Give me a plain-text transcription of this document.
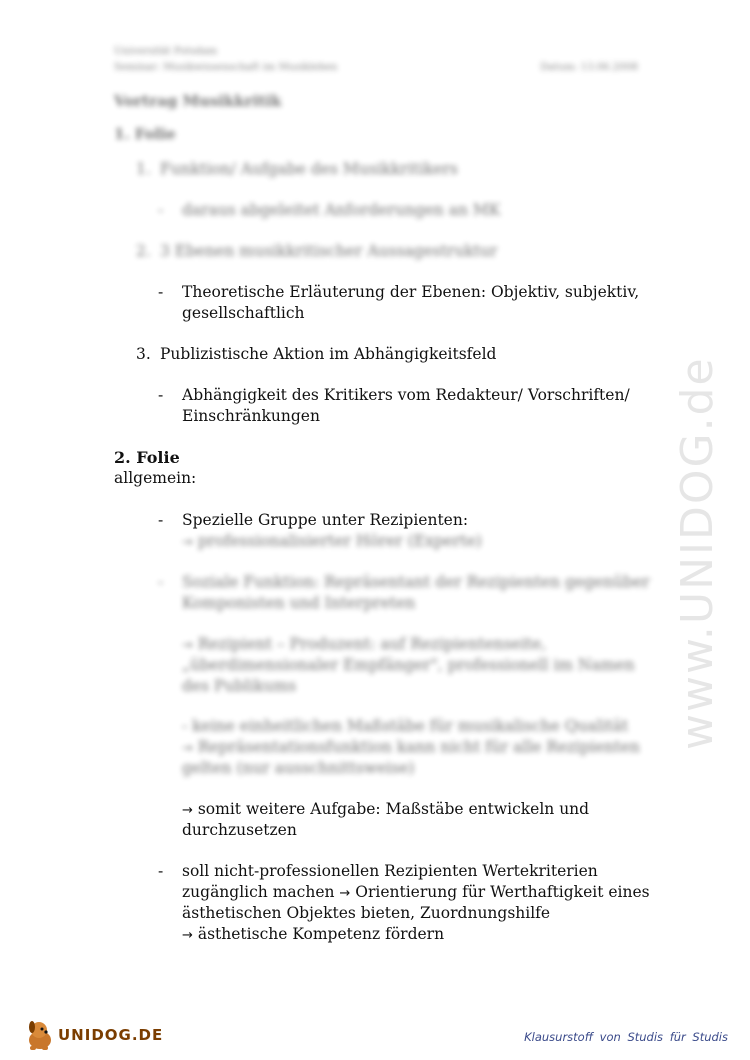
www.UNIDOG.de
Universität Potsdam
Seminar: Musikwissenschaft im Musikleben	Datum: 13.06.2008
Vortrag Musikkritik
1. Folie
1. Funktion/ Aufgabe des Musikkritikers
- daraus abgeleitet Anforderungen an MK
2. 3 Ebenen musikkritischer Aussagestruktur
- Theoretische Erläuterung der Ebenen: Objektiv, subjektiv,
gesellschaftlich
3. Publizistische Aktion im Abhängigkeitsfeld
- Abhängigkeit des Kritikers vom Redakteur/ Vorschriften/
Einschränkungen
2. Folie
allgemein:
- Spezielle Gruppe unter Rezipienten:
→ professionalisierter Hörer (Experte)
- Soziale Funktion: Repräsentant der Rezipienten gegenüber
Komponisten und Interpreten
→ Rezipient – Produzent: auf Rezipientenseite,
„überdimensionaler Empfänger", professionell im Namen
des Publikums
- keine einheitlichen Maßstäbe für musikalische Qualität
→ Repräsentationsfunktion kann nicht für alle Rezipienten
gelten (nur ausschnittsweise)
→ somit weitere Aufgabe: Maßstäbe entwickeln und
durchzusetzen
- soll nicht-professionellen Rezipienten Wertekriterien
zugänglich machen → Orientierung für Werthaftigkeit eines
ästhetischen Objektes bieten, Zuordnungshilfe
→ ästhetische Kompetenz fördern
UNIDOG.DE	Klausurstoff von Studis für Studis
